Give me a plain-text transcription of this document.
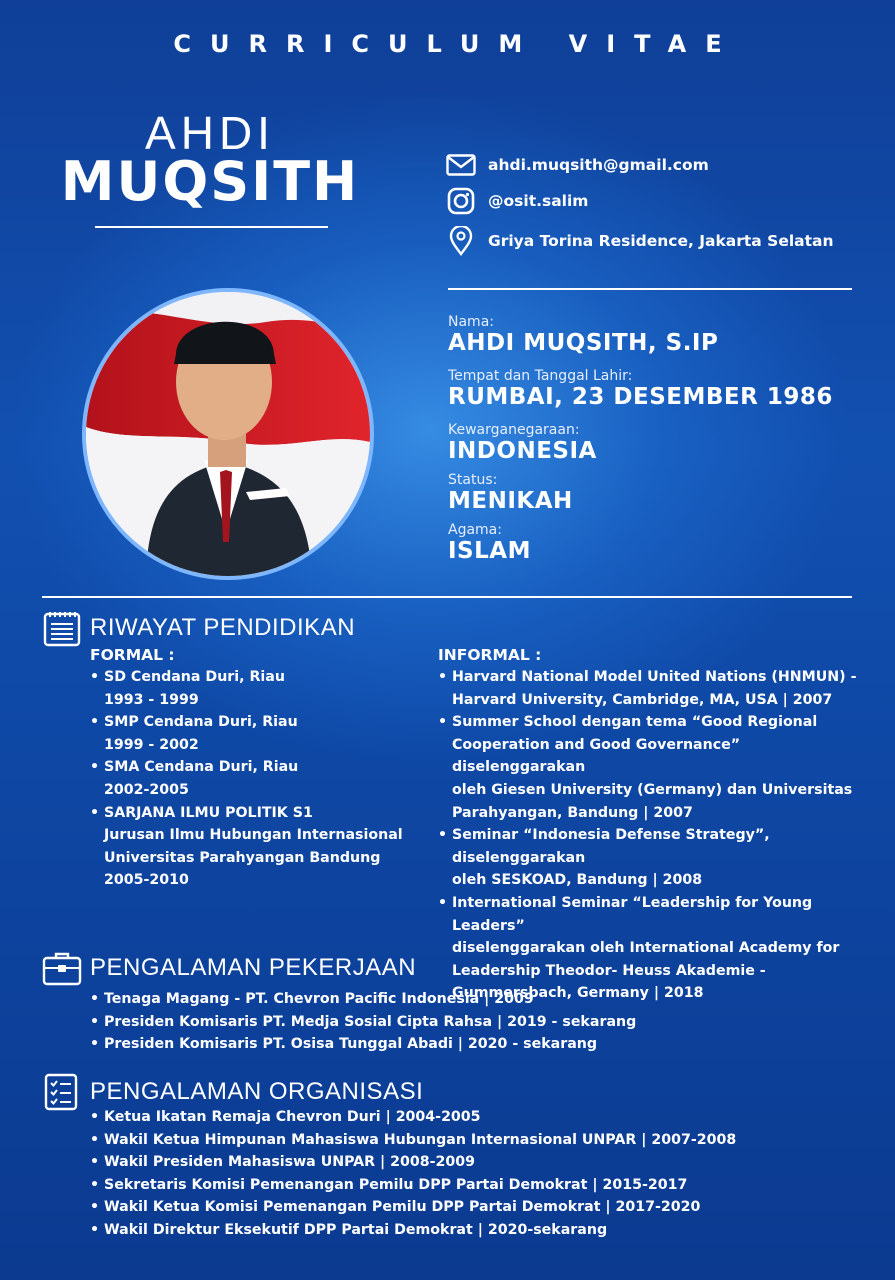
CURRICULUM VITAE
AHDI
MUQSITH	ahdi.muqsith@gmail.com
@osit.salim
Griya Torina Residence, Jakarta Selatan
Nama:
AHDI MUQSITH, S.IP
Tempat dan Tanggal Lahir:
RUMBAI, 23 DESEMBER 1986
Kewarganegaraan:
INDONESIA
Status:
MENIKAH
Agama:
ISLAM
RIWAYAT PENDIDIKAN
FORMAL :
• SD Cendana Duri, Riau
1993 - 1999
• SMP Cendana Duri, Riau
1999 - 2002
• SMA Cendana Duri, Riau
2002-2005
• SARJANA ILMU POLITIK S1
Jurusan Ilmu Hubungan Internasional
Universitas Parahyangan Bandung
2005-2010
INFORMAL :
• Harvard National Model United Nations (HNMUN) -
Harvard University, Cambridge, MA, USA | 2007
• Summer School dengan tema “Good Regional
Cooperation and Good Governance” diselenggarakan
oleh Giesen University (Germany) dan Universitas
Parahyangan, Bandung | 2007
• Seminar “Indonesia Defense Strategy”, diselenggarakan
oleh SESKOAD, Bandung | 2008
• International Seminar “Leadership for Young Leaders”
diselenggarakan oleh International Academy for
Leadership Theodor- Heuss Akademie -
Gummersbach, Germany | 2018
PENGALAMAN PEKERJAAN
• Tenaga Magang - PT. Chevron Pacific Indonesia | 2009
• Presiden Komisaris PT. Medja Sosial Cipta Rahsa | 2019 - sekarang
• Presiden Komisaris PT. Osisa Tunggal Abadi | 2020 - sekarang
PENGALAMAN ORGANISASI
• Ketua Ikatan Remaja Chevron Duri | 2004-2005
• Wakil Ketua Himpunan Mahasiswa Hubungan Internasional UNPAR | 2007-2008
• Wakil Presiden Mahasiswa UNPAR | 2008-2009
• Sekretaris Komisi Pemenangan Pemilu DPP Partai Demokrat | 2015-2017
• Wakil Ketua Komisi Pemenangan Pemilu DPP Partai Demokrat | 2017-2020
• Wakil Direktur Eksekutif DPP Partai Demokrat | 2020-sekarang
